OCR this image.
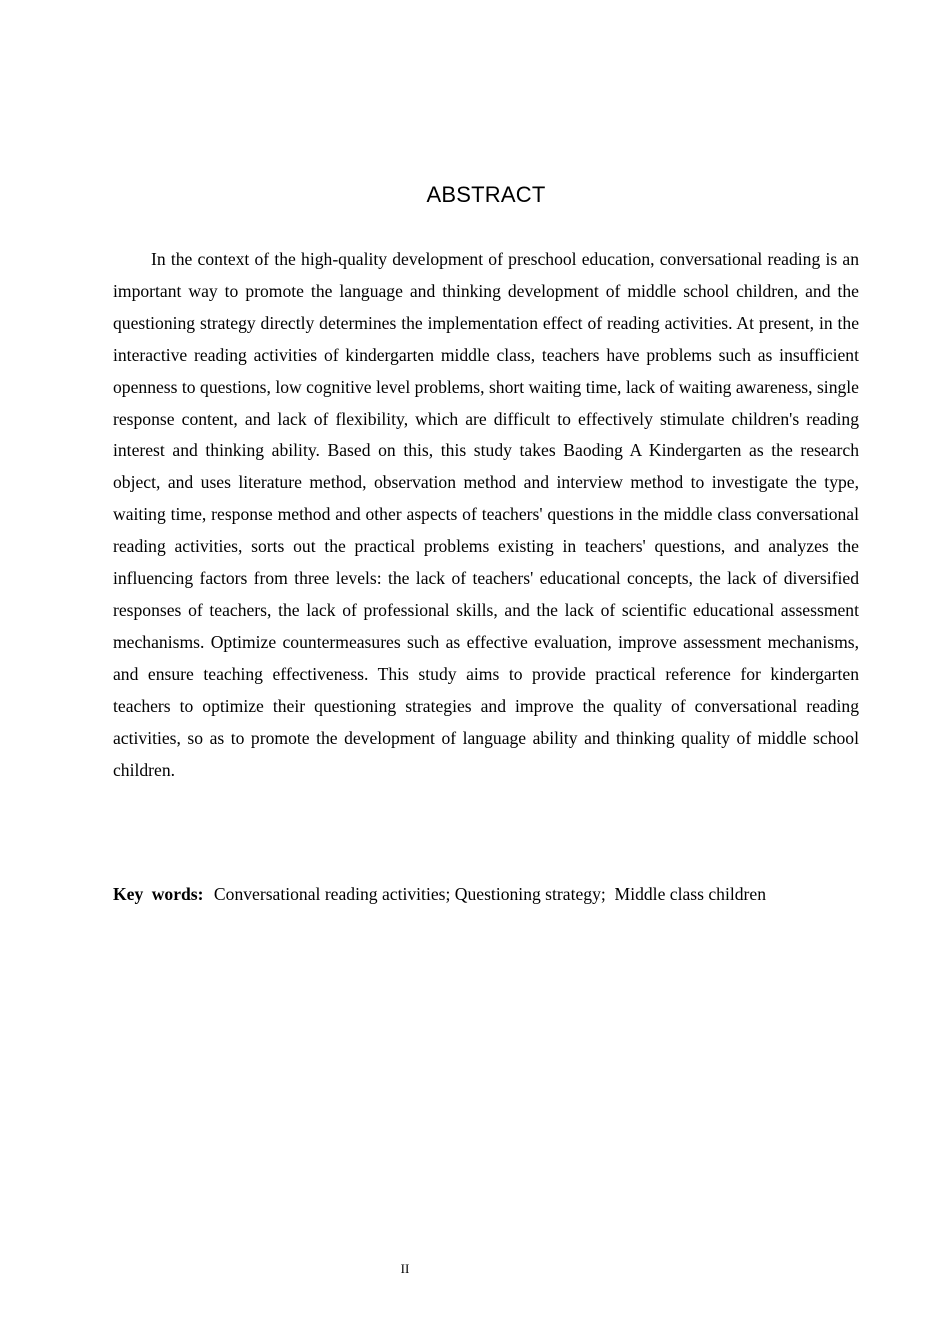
ABSTRACT

In the context of the high-quality development of preschool education, conversational reading is an important way to promote the language and thinking development of middle school children, and the questioning strategy directly determines the implementation effect of reading activities. At present, in the interactive reading activities of kindergarten middle class, teachers have problems such as insufficient openness to questions, low cognitive level problems, short waiting time, lack of waiting awareness, single response content, and lack of flexibility, which are difficult to effectively stimulate children's reading interest and thinking ability. Based on this, this study takes Baoding A Kindergarten as the research object, and uses literature method, observation method and interview method to investigate the type, waiting time, response method and other aspects of teachers' questions in the middle class conversational reading activities, sorts out the practical problems existing in teachers' questions, and analyzes the influencing factors from three levels: the lack of teachers' educational concepts, the lack of diversified responses of teachers, the lack of professional skills, and the lack of scientific educational assessment mechanisms. Optimize countermeasures such as effective evaluation, improve assessment mechanisms, and ensure teaching effectiveness. This study aims to provide practical reference for kindergarten teachers to optimize their questioning strategies and improve the quality of conversational reading activities, so as to promote the development of language ability and thinking quality of middle school children.

Key words: Conversational reading activities; Questioning strategy;  Middle class children
II
